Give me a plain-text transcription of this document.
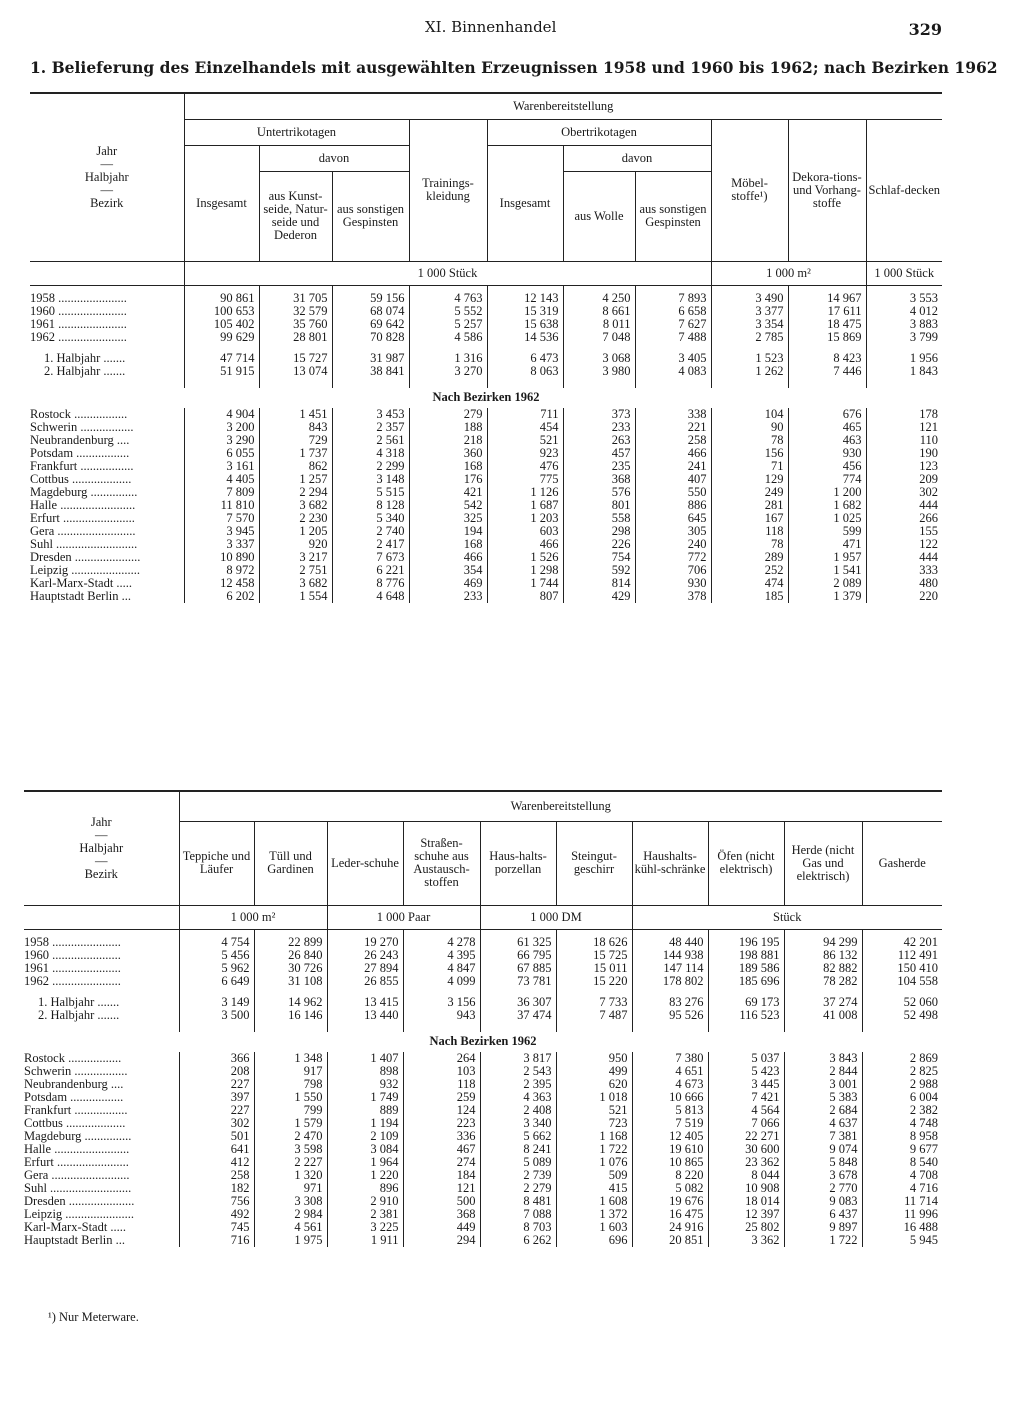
XI. Binnenhandel	329
1. Belieferung des Einzelhandels mit ausgewählten Erzeugnissen 1958 und 1960 bis 1962; nach Bezirken 1962
Jahr
—
Halbjahr
—
Bezirk	Warenbereitstellung									
	Untertrikotagen			Trainings-kleidung	Obertrikotagen			Möbel-stoffe¹)	Dekora-tions- und Vorhang-stoffe	Schlaf-decken
	Insgesamt	davon			Insgesamt	davon				
		aus Kunst-seide, Natur-seide und Dederon	aus sonstigen Gespinsten			aus Wolle	aus sonstigen Gespinsten			
	1 000 Stück							1 000 m²		1 000 Stück

1958 ......................	90 861	31 705	59 156	4 763	12 143	4 250	7 893	3 490	14 967	3 553
1960 ......................	100 653	32 579	68 074	5 552	15 319	8 661	6 658	3 377	17 611	4 012
1961 ......................	105 402	35 760	69 642	5 257	15 638	8 011	7 627	3 354	18 475	3 883
1962 ......................	99 629	28 801	70 828	4 586	14 536	7 048	7 488	2 785	15 869	3 799

1. Halbjahr .......	47 714	15 727	31 987	1 316	6 473	3 068	3 405	1 523	8 423	1 956
2. Halbjahr .......	51 915	13 074	38 841	3 270	8 063	3 980	4 083	1 262	7 446	1 843

Nach Bezirken 1962										
Rostock .................	4 904	1 451	3 453	279	711	373	338	104	676	178
Schwerin .................	3 200	843	2 357	188	454	233	221	90	465	121
Neubrandenburg ....	3 290	729	2 561	218	521	263	258	78	463	110
Potsdam .................	6 055	1 737	4 318	360	923	457	466	156	930	190
Frankfurt .................	3 161	862	2 299	168	476	235	241	71	456	123
Cottbus ...................	4 405	1 257	3 148	176	775	368	407	129	774	209
Magdeburg ...............	7 809	2 294	5 515	421	1 126	576	550	249	1 200	302
Halle ........................	11 810	3 682	8 128	542	1 687	801	886	281	1 682	444
Erfurt .......................	7 570	2 230	5 340	325	1 203	558	645	167	1 025	266
Gera .........................	3 945	1 205	2 740	194	603	298	305	118	599	155
Suhl ..........................	3 337	920	2 417	168	466	226	240	78	471	122
Dresden .....................	10 890	3 217	7 673	466	1 526	754	772	289	1 957	444
Leipzig ......................	8 972	2 751	6 221	354	1 298	592	706	252	1 541	333
Karl-Marx-Stadt .....	12 458	3 682	8 776	469	1 744	814	930	474	2 089	480
Hauptstadt Berlin ...	6 202	1 554	4 648	233	807	429	378	185	1 379	220
Jahr
—
Halbjahr
—
Bezirk	Warenbereitstellung									
	Teppiche und Läufer	Tüll und Gardinen	Leder-schuhe	Straßen-schuhe aus Austausch-stoffen	Haus-halts-porzellan	Steingut-geschirr	Haushalts-kühl-schränke	Öfen (nicht elektrisch)	Herde (nicht Gas und elektrisch)	Gasherde
	1 000 m²		1 000 Paar		1 000 DM		Stück			

1958 ......................	4 754	22 899	19 270	4 278	61 325	18 626	48 440	196 195	94 299	42 201
1960 ......................	5 456	26 840	26 243	4 395	66 795	15 725	144 938	198 881	86 132	112 491
1961 ......................	5 962	30 726	27 894	4 847	67 885	15 011	147 114	189 586	82 882	150 410
1962 ......................	6 649	31 108	26 855	4 099	73 781	15 220	178 802	185 696	78 282	104 558

1. Halbjahr .......	3 149	14 962	13 415	3 156	36 307	7 733	83 276	69 173	37 274	52 060
2. Halbjahr .......	3 500	16 146	13 440	943	37 474	7 487	95 526	116 523	41 008	52 498

Nach Bezirken 1962										
Rostock .................	366	1 348	1 407	264	3 817	950	7 380	5 037	3 843	2 869
Schwerin .................	208	917	898	103	2 543	499	4 651	5 423	2 844	2 825
Neubrandenburg ....	227	798	932	118	2 395	620	4 673	3 445	3 001	2 988
Potsdam .................	397	1 550	1 749	259	4 363	1 018	10 666	7 421	5 383	6 004
Frankfurt .................	227	799	889	124	2 408	521	5 813	4 564	2 684	2 382
Cottbus ...................	302	1 579	1 194	223	3 340	723	7 519	7 066	4 637	4 748
Magdeburg ...............	501	2 470	2 109	336	5 662	1 168	12 405	22 271	7 381	8 958
Halle ........................	641	3 598	3 084	467	8 241	1 722	19 610	30 600	9 074	9 677
Erfurt .......................	412	2 227	1 964	274	5 089	1 076	10 865	23 362	5 848	8 540
Gera .........................	258	1 320	1 220	184	2 739	509	8 220	8 044	3 678	4 708
Suhl ..........................	182	971	896	121	2 279	415	5 082	10 908	2 770	4 716
Dresden .....................	756	3 308	2 910	500	8 481	1 608	19 676	18 014	9 083	11 714
Leipzig ......................	492	2 984	2 381	368	7 088	1 372	16 475	12 397	6 437	11 996
Karl-Marx-Stadt .....	745	4 561	3 225	449	8 703	1 603	24 916	25 802	9 897	16 488
Hauptstadt Berlin ...	716	1 975	1 911	294	6 262	696	20 851	3 362	1 722	5 945
¹) Nur Meterware.
